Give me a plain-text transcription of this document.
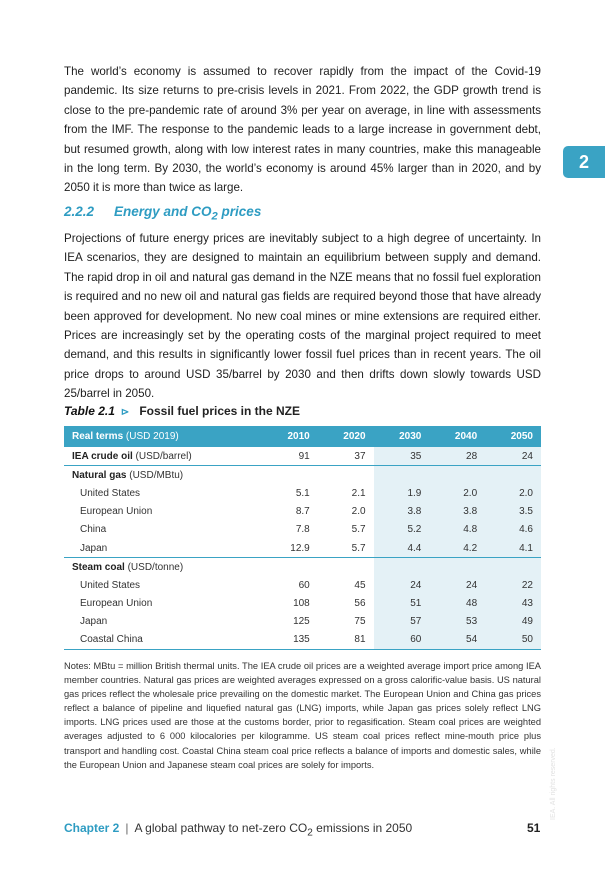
The world’s economy is assumed to recover rapidly from the impact of the Covid-19 pandemic. Its size returns to pre-crisis levels in 2021. From 2022, the GDP growth trend is close to the pre-pandemic rate of around 3% per year on average, in line with assessments from the IMF. The response to the pandemic leads to a large increase in government debt, but resumed growth, along with low interest rates in many countries, make this manageable in the long term. By 2030, the world’s economy is around 45% larger than in 2020, and by 2050 it is more than twice as large.
2
2.2.2 Energy and $CO_2$ prices
Projections of future energy prices are inevitably subject to a high degree of uncertainty. In IEA scenarios, they are designed to maintain an equilibrium between supply and demand. The rapid drop in oil and natural gas demand in the NZE means that no fossil fuel exploration is required and no new oil and natural gas fields are required beyond those that have already been approved for development. No new coal mines or mine extensions are required either. Prices are increasingly set by the operating costs of the marginal project required to meet demand, and this results in significantly lower fossil fuel prices than in recent years. The oil price drops to around USD 35/barrel by 2030 and then drifts down slowly towards USD 25/barrel in 2050.
Table 2.1 ⊳ Fossil fuel prices in the NZE
Real terms (USD 2019)	2010	2020	2030	2040	2050
IEA crude oil (USD/barrel)	91	37	35	28	24
Natural gas (USD/MBtu)					
United States	5.1	2.1	1.9	2.0	2.0
European Union	8.7	2.0	3.8	3.8	3.5
China	7.8	5.7	5.2	4.8	4.6
Japan	12.9	5.7	4.4	4.2	4.1
Steam coal (USD/tonne)					
United States	60	45	24	24	22
European Union	108	56	51	48	43
Japan	125	75	57	53	49
Coastal China	135	81	60	54	50
Notes: MBtu = million British thermal units. The IEA crude oil prices are a weighted average import price among IEA member countries. Natural gas prices are weighted averages expressed on a gross calorific-value basis. US natural gas prices reflect the wholesale price prevailing on the domestic market. The European Union and China gas prices reflect a balance of pipeline and liquefied natural gas (LNG) imports, while Japan gas prices solely reflect LNG imports. LNG prices used are those at the customs border, prior to regasification. Steam coal prices are weighted averages adjusted to 6 000 kilocalories per kilogramme. US steam coal prices reflect mine-mouth price plus transport and handling cost. Coastal China steam coal price reflects a balance of imports and domestic sales, while the European Union and Japanese steam coal prices are solely for imports.
Chapter 2 | A global pathway to net-zero $CO_2$ emissions in 2050	51
IEA. All rights reserved.
